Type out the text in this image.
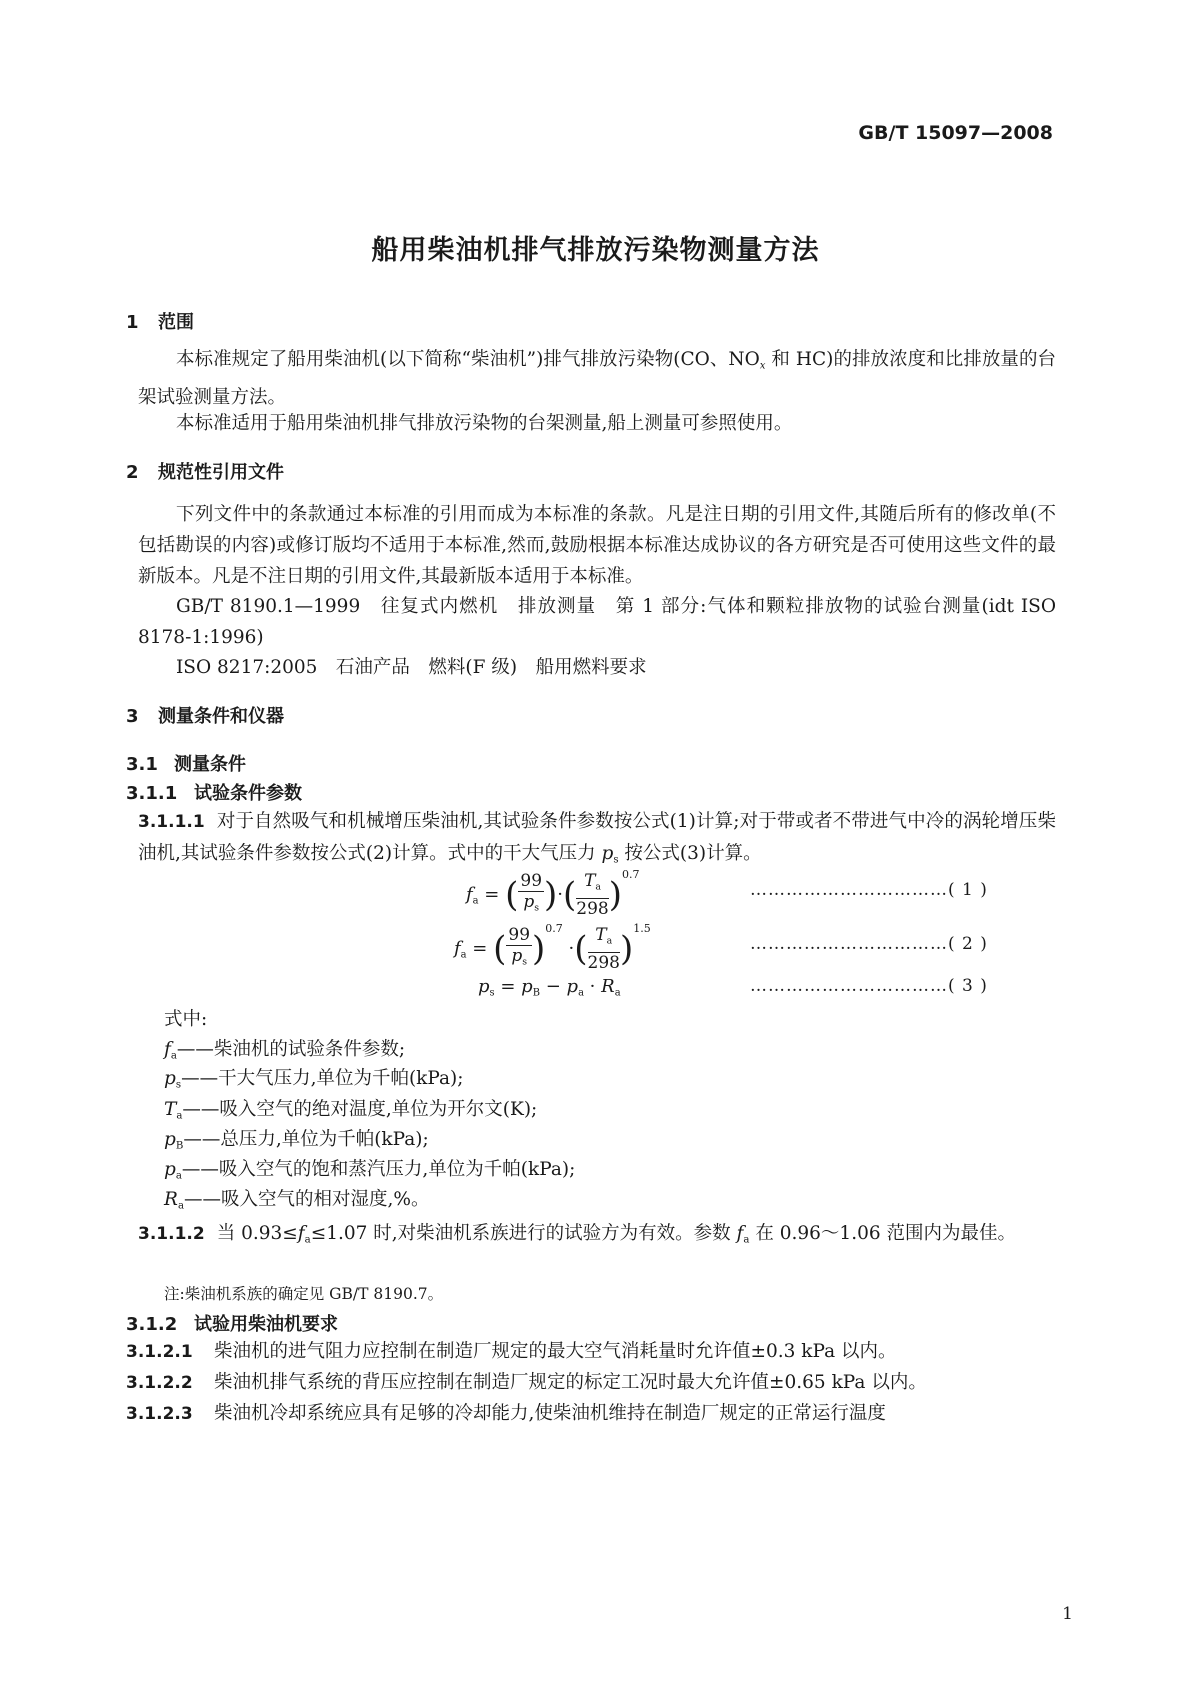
GB/T 15097—2008
船用柴油机排气排放污染物测量方法
1 范围
本标准规定了船用柴油机(以下简称“柴油机”)排气排放污染物(CO、$NO_x$ 和 HC)的排放浓度和比排放量的台架试验测量方法。
本标准适用于船用柴油机排气排放污染物的台架测量,船上测量可参照使用。
2 规范性引用文件
下列文件中的条款通过本标准的引用而成为本标准的条款。凡是注日期的引用文件,其随后所有的修改单(不包括勘误的内容)或修订版均不适用于本标准,然而,鼓励根据本标准达成协议的各方研究是否可使用这些文件的最新版本。凡是不注日期的引用文件,其最新版本适用于本标准。
GB/T 8190.1—1999　往复式内燃机　排放测量　第 1 部分:气体和颗粒排放物的试验台测量(idt ISO 8178-1:1996)
ISO 8217:2005　石油产品　燃料(F 级)　船用燃料要求
3 测量条件和仪器
3.1 测量条件
3.1.1 试验条件参数
3.1.1.1 对于自然吸气和机械增压柴油机,其试验条件参数按公式(1)计算;对于带或者不带进气中冷的涡轮增压柴油机,其试验条件参数按公式(2)计算。式中的干大气压力 $p_s$ 按公式(3)计算。
$f_a$ = ( $\frac{99}{p_s}$ )·( $\frac{T_a}{298} )^{0.7}$
……………………………( 1 )
$f_a$ = ( $\frac{99}{p_s} )^{0.7}$ ·( $\frac{T_a}{298} )^{1.5}$
……………………………( 2 )
$p_s = p_B - p_a \cdot R_a$	……………………………( 3 )
式中:
$f_a——$柴油机的试验条件参数;
$p_s——$干大气压力,单位为千帕(kPa);
$T_a——$吸入空气的绝对温度,单位为开尔文(K);
$p_B——$总压力,单位为千帕(kPa);
$p_a——$吸入空气的饱和蒸汽压力,单位为千帕(kPa);
$R_a——$吸入空气的相对湿度,%。
3.1.1.2 当 $0.93\le f_a\le 1.07$ 时,对柴油机系族进行的试验方为有效。参数 $f_a$ 在 0.96～1.06 范围内为最佳。
注:柴油机系族的确定见 GB/T 8190.7。
3.1.2 试验用柴油机要求
3.1.2.1 柴油机的进气阻力应控制在制造厂规定的最大空气消耗量时允许值±0.3 kPa 以内。
3.1.2.2 柴油机排气系统的背压应控制在制造厂规定的标定工况时最大允许值±0.65 kPa 以内。
3.1.2.3 柴油机冷却系统应具有足够的冷却能力,使柴油机维持在制造厂规定的正常运行温度
1
